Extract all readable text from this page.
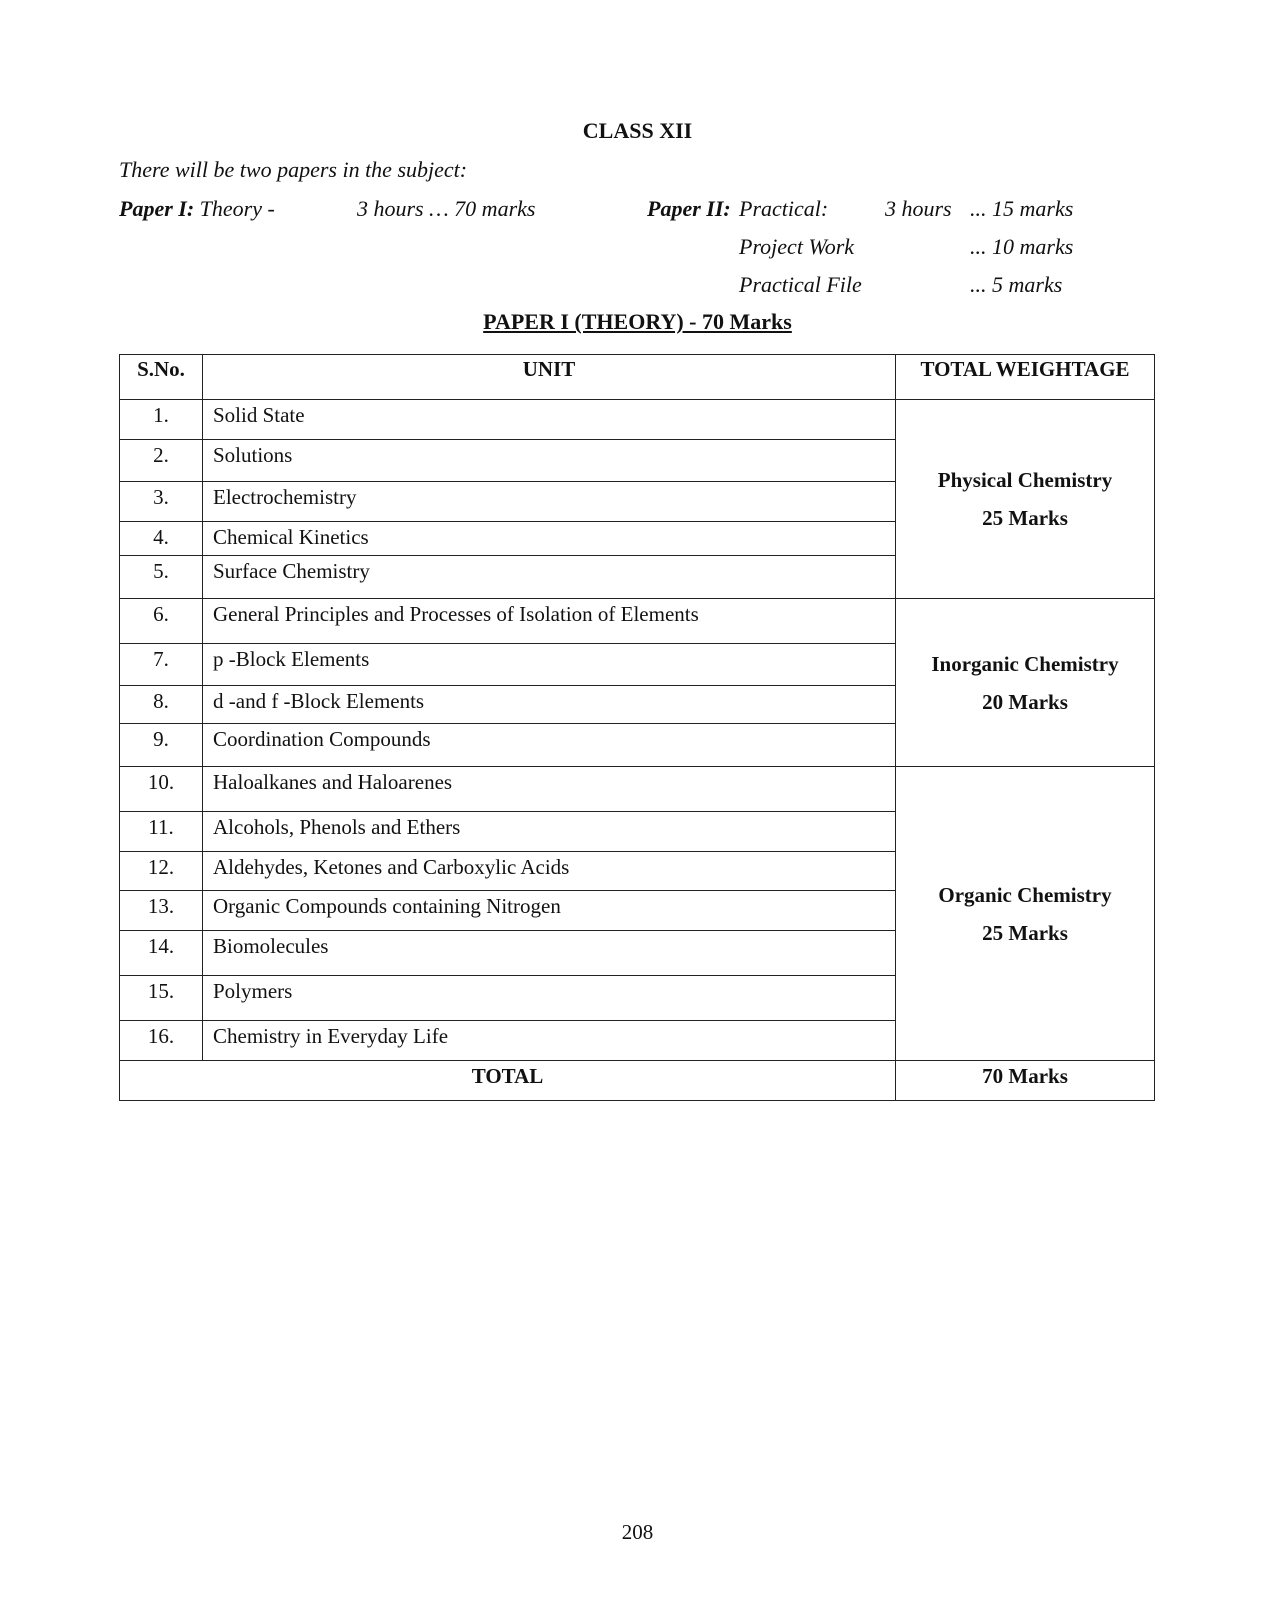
CLASS XII
There will be two papers in the subject:
Paper I: Theory -	3 hours … 70 marks	Paper II: Practical:	3 hours ... 15 marks
Project Work	... 10 marks
Practical File	... 5 marks
PAPER I (THEORY) - 70 Marks
S.No.	UNIT	TOTAL WEIGHTAGE
1.	Solid State	Physical Chemistry
25 Marks

2.	Solutions	
3.	Electrochemistry	
4.	Chemical Kinetics	
5.	Surface Chemistry	
6.	General Principles and Processes of Isolation of Elements	Inorganic Chemistry
20 Marks

7.	p -Block Elements	
8.	d -and f -Block Elements	
9.	Coordination Compounds	
10.	Haloalkanes and Haloarenes	Organic Chemistry
25 Marks

11.	Alcohols, Phenols and Ethers	
12.	Aldehydes, Ketones and Carboxylic Acids	
13.	Organic Compounds containing Nitrogen	
14.	Biomolecules	
15.	Polymers	
16.	Chemistry in Everyday Life	
TOTAL		70 Marks
208
